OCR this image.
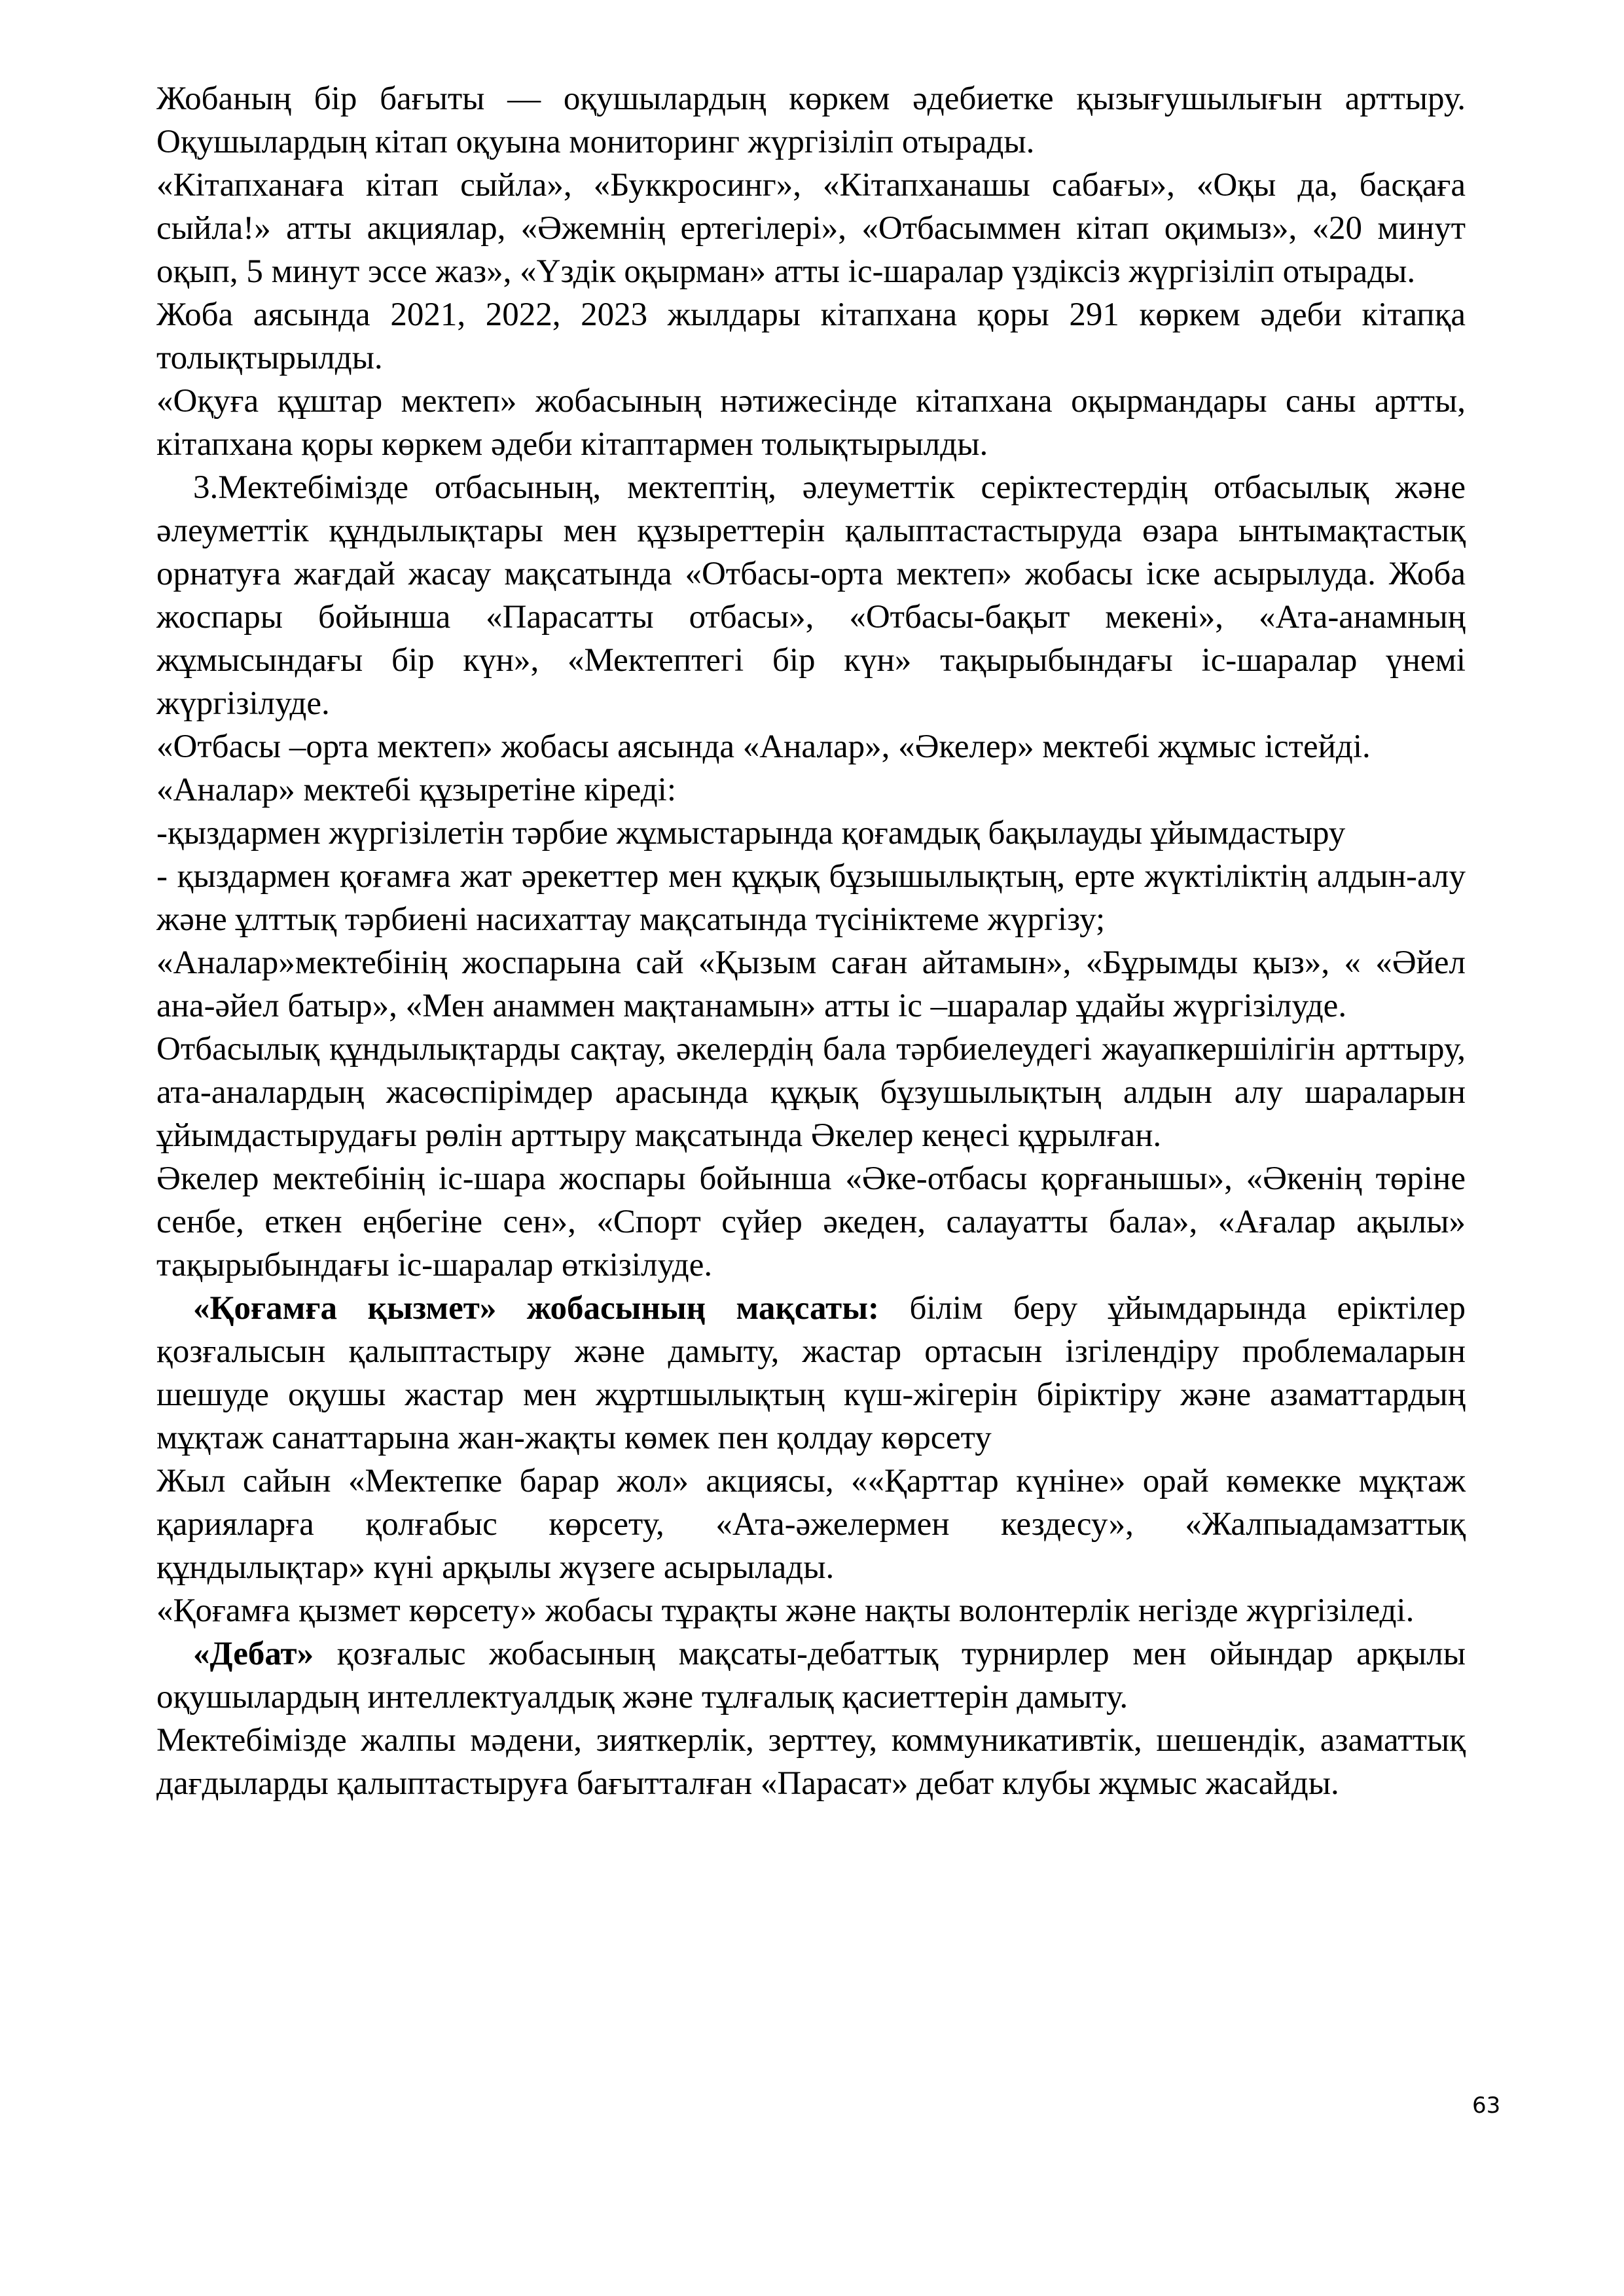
Жобаның бір бағыты — оқушылардың көркем әдебиетке қызығушылығын арттыру. Оқушылардың кітап оқуына мониторинг жүргізіліп отырады.

«Кітапханаға кітап сыйла», «Буккросинг», «Кітапханашы сабағы», «Оқы да, басқаға сыйла!» атты акциялар, «Әжемнің ертегілері», «Отбасыммен кітап оқимыз», «20 минут оқып, 5 минут эссе жаз», «Үздік оқырман» атты іс-шаралар үздіксіз жүргізіліп отырады.

Жоба аясында 2021, 2022, 2023 жылдары кітапхана қоры 291 көркем әдеби кітапқа толықтырылды.

«Оқуға құштар мектеп» жобасының нәтижесінде кітапхана оқырмандары саны артты, кітапхана қоры көркем әдеби кітаптармен толықтырылды.

3.Мектебімізде отбасының, мектептің, әлеуметтік серіктестердің отбасылық және әлеуметтік құндылықтары мен құзыреттерін қалыптастастыруда өзара ынтымақтастық орнатуға жағдай жасау мақсатында «Отбасы-орта мектеп» жобасы іске асырылуда. Жоба жоспары бойынша «Парасатты отбасы», «Отбасы-бақыт мекені», «Ата-анамның жұмысындағы бір күн», «Мектептегі бір күн» тақырыбындағы іс-шаралар үнемі жүргізілуде.

«Отбасы –орта мектеп» жобасы аясында «Аналар», «Әкелер» мектебі жұмыс істейді.

«Аналар» мектебі құзыретіне кіреді:

-қыздармен жүргізілетін тәрбие жұмыстарында қоғамдық бақылауды ұйымдастыру

- қыздармен қоғамға жат әрекеттер мен құқық бұзышылықтың, ерте жүктіліктің алдын-алу және ұлттық тәрбиені насихаттау мақсатында түсініктеме жүргізу;

«Аналар»мектебінің жоспарына сай «Қызым саған айтамын», «Бұрымды қыз», « «Әйел ана-әйел батыр», «Мен анаммен мақтанамын» атты іс –шаралар ұдайы жүргізілуде.

Отбасылық құндылықтарды сақтау, әкелердің бала тәрбиелеудегі жауапкершілігін арттыру, ата-аналардың жасөспірімдер арасында құқық бұзушылықтың алдын алу шараларын ұйымдастырудағы рөлін арттыру мақсатында Әкелер кеңесі құрылған.

Әкелер мектебінің іс-шара жоспары бойынша «Әке-отбасы қорғанышы», «Әкенің төріне сенбе, еткен еңбегіне сен», «Спорт сүйер әкеден, салауатты бала», «Ағалар ақылы» тақырыбындағы іс-шаралар өткізілуде.

«Қоғамға қызмет» жобасының мақсаты: білім беру ұйымдарында еріктілер қозғалысын қалыптастыру және дамыту, жастар ортасын ізгілендіру проблемаларын шешуде оқушы жастар мен жұртшылықтың күш-жігерін біріктіру және азаматтардың мұқтаж санаттарына жан-жақты көмек пен қолдау көрсету

Жыл сайын «Мектепке барар жол» акциясы, ««Қарттар күніне» орай көмекке мұқтаж қарияларға қолғабыс көрсету, «Ата-әжелермен кездесу», «Жалпыадамзаттық құндылықтар» күні арқылы жүзеге асырылады.

«Қоғамға қызмет көрсету» жобасы тұрақты және нақты волонтерлік негізде жүргізіледі.

«Дебат» қозғалыс жобасының мақсаты-дебаттық турнирлер мен ойындар арқылы оқушылардың интеллектуалдық және тұлғалық қасиеттерін дамыту.

Мектебімізде жалпы мәдени, зияткерлік, зерттеу, коммуникативтік, шешендік, азаматтық дағдыларды қалыптастыруға бағытталған «Парасат» дебат клубы жұмыс жасайды.

63
